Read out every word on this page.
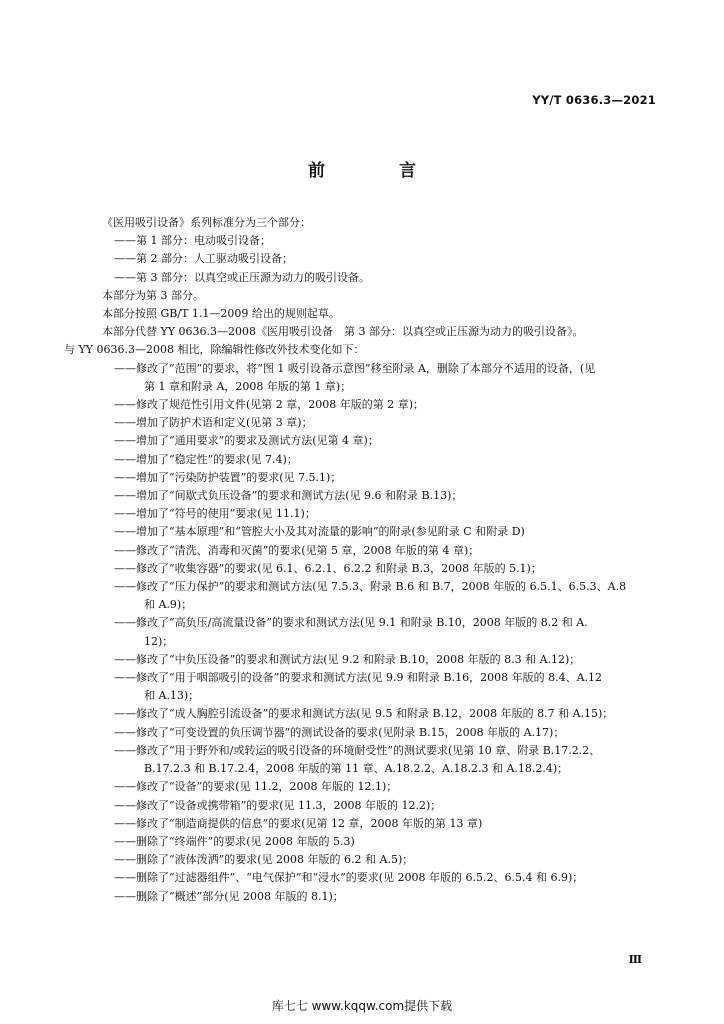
YY/T 0636.3—2021
前 言
《医用吸引设备》系列标准分为三个部分：
——第 1 部分：电动吸引设备；
——第 2 部分：人工驱动吸引设备；
——第 3 部分：以真空或正压源为动力的吸引设备。
本部分为第 3 部分。
本部分按照 GB/T 1.1—2009 给出的规则起草。
本部分代替 YY 0636.3—2008《医用吸引设备　第 3 部分：以真空或正压源为动力的吸引设备》。
与 YY 0636.3—2008 相比，除编辑性修改外技术变化如下：
——修改了“范围”的要求，将“图 1 吸引设备示意图”移至附录 A，删除了本部分不适用的设备，(见
第 1 章和附录 A，2008 年版的第 1 章)；
——修改了规范性引用文件(见第 2 章，2008 年版的第 2 章)；
——增加了防护术语和定义(见第 3 章)；
——增加了“通用要求”的要求及测试方法(见第 4 章)；
——增加了“稳定性”的要求(见 7.4)；
——增加了“污染防护装置”的要求(见 7.5.1)；
——增加了“间歇式负压设备”的要求和测试方法(见 9.6 和附录 B.13)；
——增加了“符号的使用”要求(见 11.1)；
——增加了“基本原理”和“管腔大小及其对流量的影响”的附录(参见附录 C 和附录 D)
——修改了“清洗、消毒和灭菌”的要求(见第 5 章，2008 年版的第 4 章)；
——修改了“收集容器”的要求(见 6.1、6.2.1、6.2.2 和附录 B.3，2008 年版的 5.1)；
——修改了“压力保护”的要求和测试方法(见 7.5.3、附录 B.6 和 B.7，2008 年版的 6.5.1、6.5.3、A.8
和 A.9)；
——修改了“高负压/高流量设备”的要求和测试方法(见 9.1 和附录 B.10，2008 年版的 8.2 和 A.
12)；
——修改了“中负压设备”的要求和测试方法(见 9.2 和附录 B.10，2008 年版的 8.3 和 A.12)；
——修改了“用于咽部吸引的设备”的要求和测试方法(见 9.9 和附录 B.16，2008 年版的 8.4、A.12
和 A.13)；
——修改了“成人胸腔引流设备”的要求和测试方法(见 9.5 和附录 B.12，2008 年版的 8.7 和 A.15)；
——修改了“可变设置的负压调节器”的测试设备的要求(见附录 B.15，2008 年版的 A.17)；
——修改了“用于野外和/或转运的吸引设备的环境耐受性”的测试要求(见第 10 章、附录 B.17.2.2、
B.17.2.3 和 B.17.2.4，2008 年版的第 11 章、A.18.2.2、A.18.2.3 和 A.18.2.4)；
——修改了“设备”的要求(见 11.2，2008 年版的 12.1)；
——修改了“设备或携带箱”的要求(见 11.3，2008 年版的 12.2)；
——修改了“制造商提供的信息”的要求(见第 12 章，2008 年版的第 13 章)
——删除了“终端件”的要求(见 2008 年版的 5.3)
——删除了“液体泼洒”的要求(见 2008 年版的 6.2 和 A.5)；
——删除了“过滤器组件”、“电气保护”和“浸水”的要求(见 2008 年版的 6.5.2、6.5.4 和 6.9)；
——删除了“概述”部分(见 2008 年版的 8.1)；
Ⅲ
库七七 www.kqqw.com提供下载
